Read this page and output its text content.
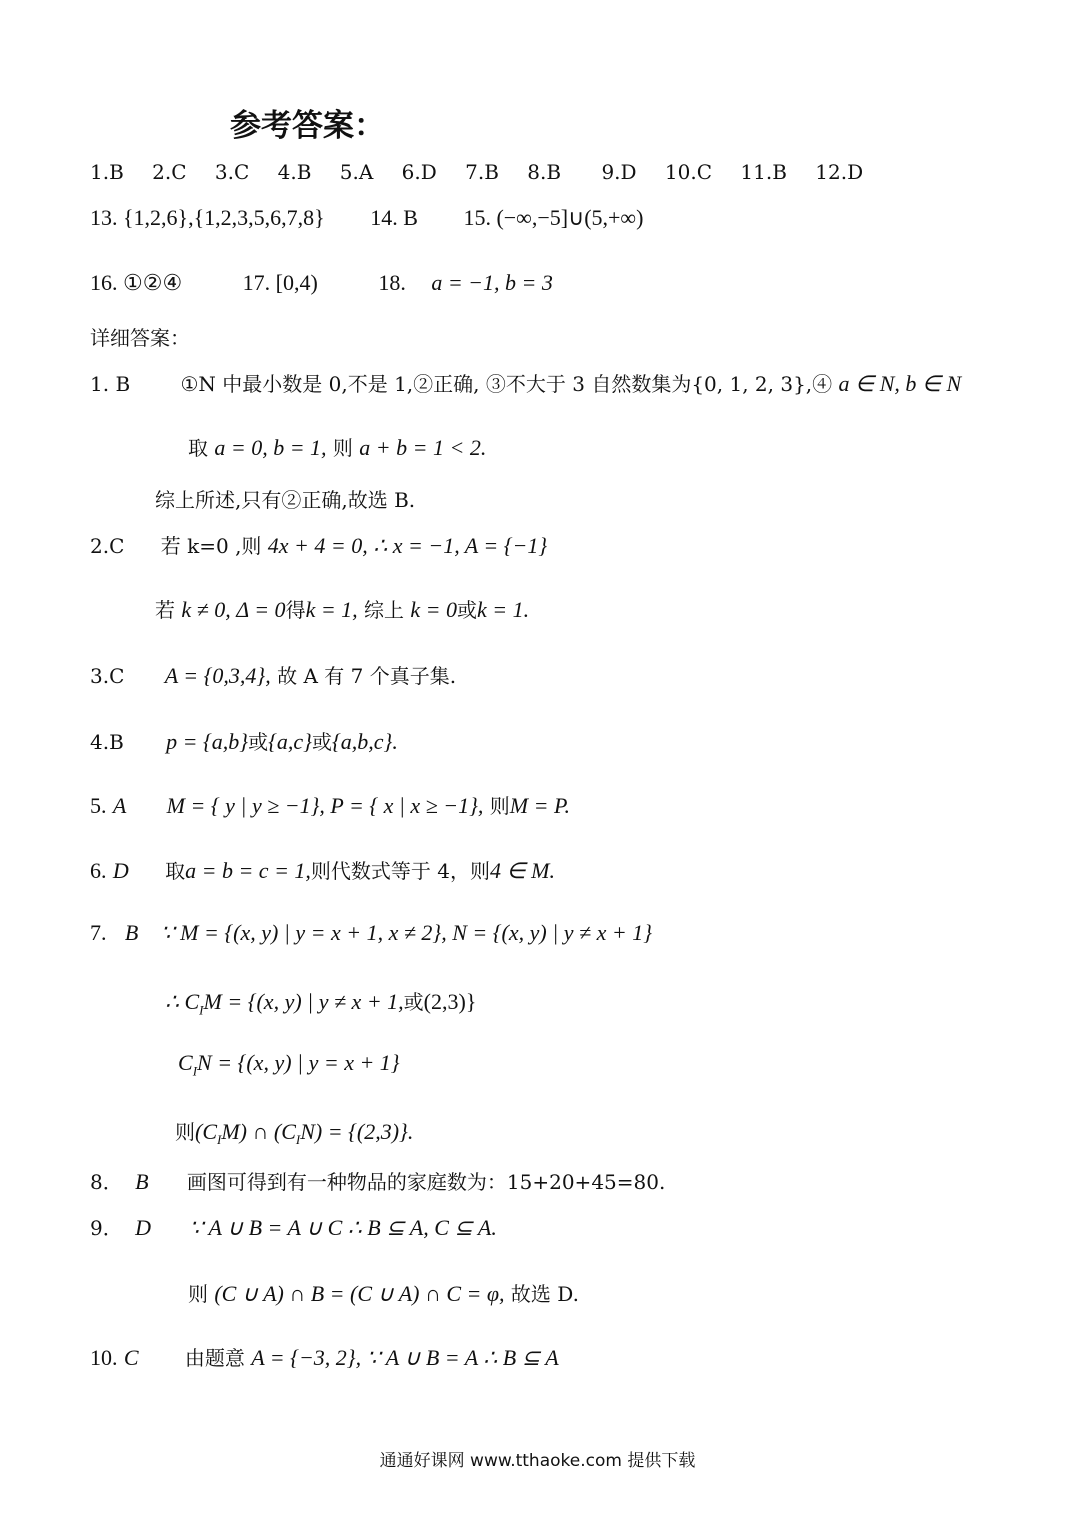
参考答案：
1.B 2.C 3.C 4.B 5.A 6.D 7.B 8.B 9.D 10.C 11.B 12.D
13. {1,2,6},{1,2,3,5,6,7,8} 14. B 15. (−∞,−5]∪(5,+∞)
16. ①②④	17. [0,4)	18. a = −1, b = 3
详细答案：
1. B	①N 中最小数是 0,不是 1,②正确, ③不大于 3 自然数集为{0, 1, 2, 3},④ a ∈ N, b ∈ N
取 a = 0, b = 1, 则 a + b = 1 < 2.
综上所述,只有②正确,故选 B.
2.C 若 k=0 ,则 4x + 4 = 0, ∴ x = −1, A = {−1}
若 k ≠ 0, Δ = 0得k = 1, 综上 k = 0或k = 1.
3.C A = {0,3,4}, 故 A 有 7 个真子集.
4.B p = {a,b}或{a,c}或{a,b,c}.
5. A M = { y | y ≥ −1}, P = { x | x ≥ −1}, 则M = P.
6. D 取a = b = c = 1,则代数式等于 4，则4 ∈ M.
7. B ∵ M = {(x, y) | y = x + 1, x ≠ 2}, N = {(x, y) | y ≠ x + 1}
∴ $C_IM = \{(x$, y) | y ≠ x + 1,或(2,3)}
$C_IN = \{(x$, y) | y = x + 1}
则$(C_IM)$ ∩ $(C_IN) = \{(2,3)\}$.
8． B 画图可得到有一种物品的家庭数为：15+20+45=80.
9． D ∵ A ∪ B = A ∪ C ∴ B ⊆ A, C ⊆ A.
则 (C ∪ A) ∩ B = (C ∪ A) ∩ C = φ, 故选 D.
10. C 由题意 A = {−3, 2}, ∵ A ∪ B = A ∴ B ⊆ A
通通好课网 www.tthaoke.com 提供下载
